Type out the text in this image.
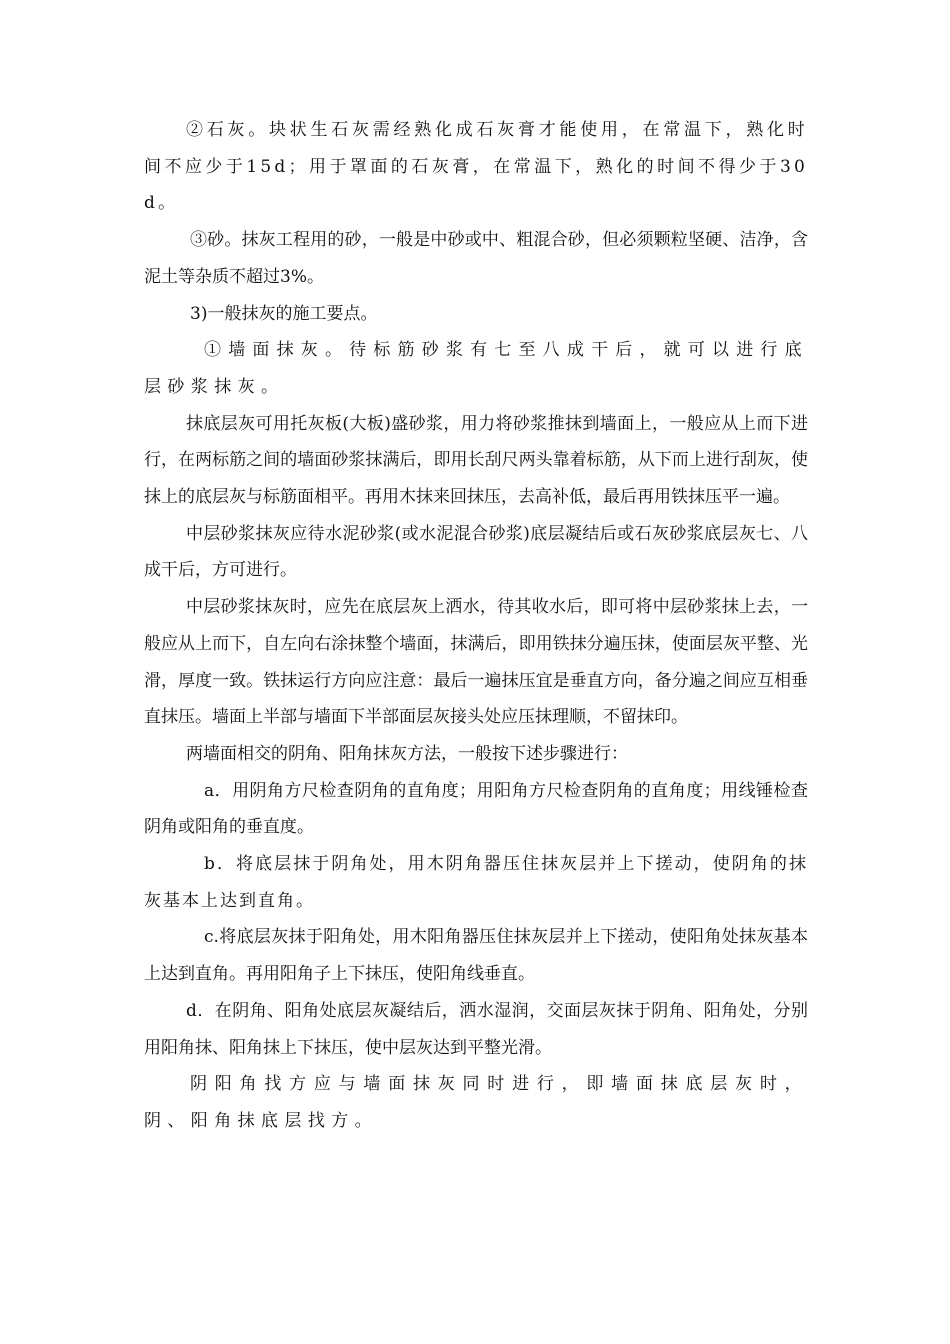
②石灰。块状生石灰需经熟化成石灰膏才能使用，在常温下，熟化时间不应少于15d；用于罩面的石灰膏，在常温下，熟化的时间不得少于30d。

③砂。抹灰工程用的砂，一般是中砂或中、粗混合砂，但必须颗粒坚硬、洁净，含泥土等杂质不超过3%。

3)一般抹灰的施工要点。

①墙面抹灰。待标筋砂浆有七至八成干后，就可以进行底层砂浆抹灰。

抹底层灰可用托灰板(大板)盛砂浆，用力将砂浆推抹到墙面上，一般应从上而下进行，在两标筋之间的墙面砂浆抹满后，即用长刮尺两头靠着标筋，从下而上进行刮灰，使抹上的底层灰与标筋面相平。再用木抹来回抹压，去高补低，最后再用铁抹压平一遍。

中层砂浆抹灰应待水泥砂浆(或水泥混合砂浆)底层凝结后或石灰砂浆底层灰七、八成干后，方可进行。

中层砂浆抹灰时，应先在底层灰上洒水，待其收水后，即可将中层砂浆抹上去，一般应从上而下，自左向右涂抹整个墙面，抹满后，即用铁抹分遍压抹，使面层灰平整、光滑，厚度一致。铁抹运行方向应注意：最后一遍抹压宜是垂直方向，备分遍之间应互相垂直抹压。墙面上半部与墙面下半部面层灰接头处应压抹理顺，不留抹印。

两墙面相交的阴角、阳角抹灰方法，一般按下述步骤进行：

a．用阴角方尺检查阴角的直角度；用阳角方尺检查阴角的直角度；用线锤检查阴角或阳角的垂直度。

b．将底层抹于阴角处，用木阴角器压住抹灰层并上下搓动，使阴角的抹灰基本上达到直角。

c.将底层灰抹于阳角处，用木阳角器压住抹灰层并上下搓动，使阳角处抹灰基本上达到直角。再用阳角子上下抹压，使阳角线垂直。

d．在阴角、阳角处底层灰凝结后，洒水湿润，交面层灰抹于阴角、阳角处，分别用阳角抹、阳角抹上下抹压，使中层灰达到平整光滑。

阴阳角找方应与墙面抹灰同时进行，即墙面抹底层灰时，阴、阳角抹底层找方。
